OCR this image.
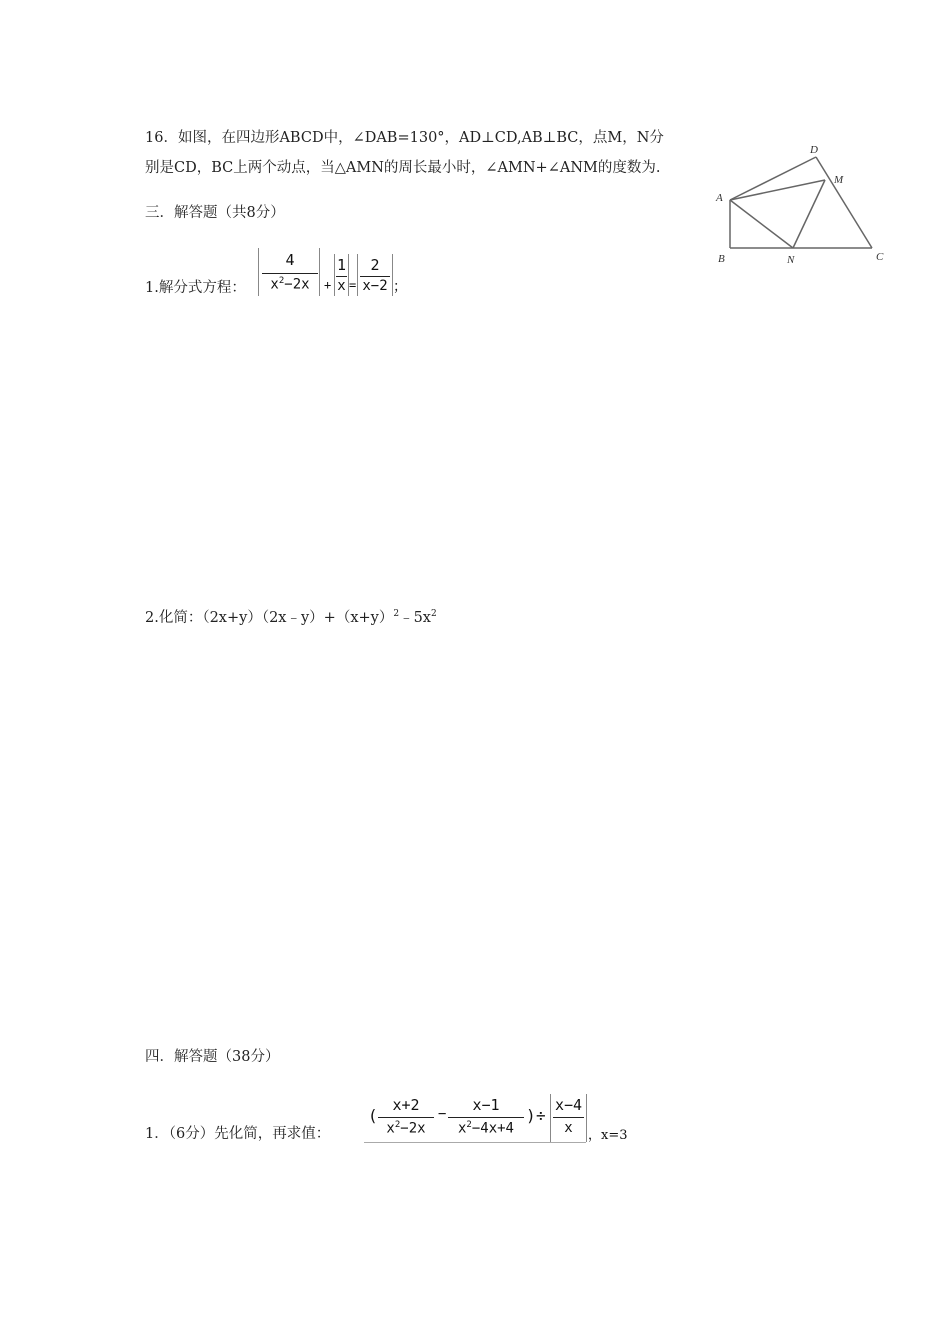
16．如图，在四边形ABCD中，∠DAB=130°，AD⊥CD,AB⊥BC，点M，N分
别是CD，BC上两个动点，当△AMN的周长最小时，∠AMN+∠ANM的度数为.
D
M
A
B	N	C
三．解答题（共8分）
1.解分式方程：
4
$x^2-2x$	+
1
x =
2
x−2 ；
2.化简：$(2x+y)(2x﹣y)+(x+y)^2﹣5x^2$
四．解答题（38分）
1．（6分）先化简，再求值：
(
x+2
$x^2-2x$
−	x−1
$x^2-4x+4$
) ÷
x−4
x	，x=3
